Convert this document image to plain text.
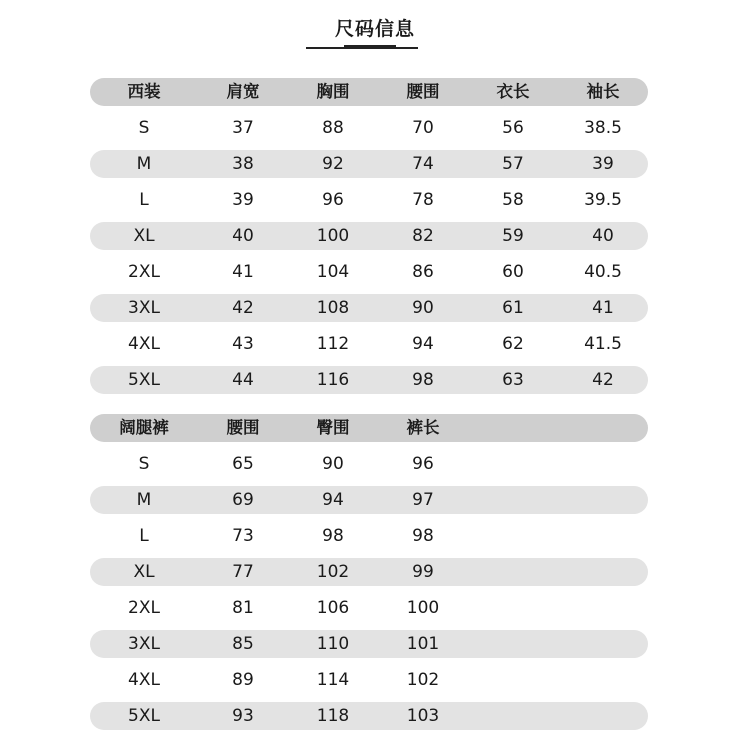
尺码信息
西装	肩宽	胸围	腰围	衣长	袖长
S	37	88	70	56	38.5
M	38	92	74	57	39
L	39	96	78	58	39.5
XL	40	100	82	59	40
2XL	41	104	86	60	40.5
3XL	42	108	90	61	41
4XL	43	112	94	62	41.5
5XL	44	116	98	63	42
阔腿裤	腰围	臀围	裤长
S	65	90	96
M	69	94	97
L	73	98	98
XL	77	102	99
2XL	81	106	100
3XL	85	110	101
4XL	89	114	102
5XL	93	118	103
